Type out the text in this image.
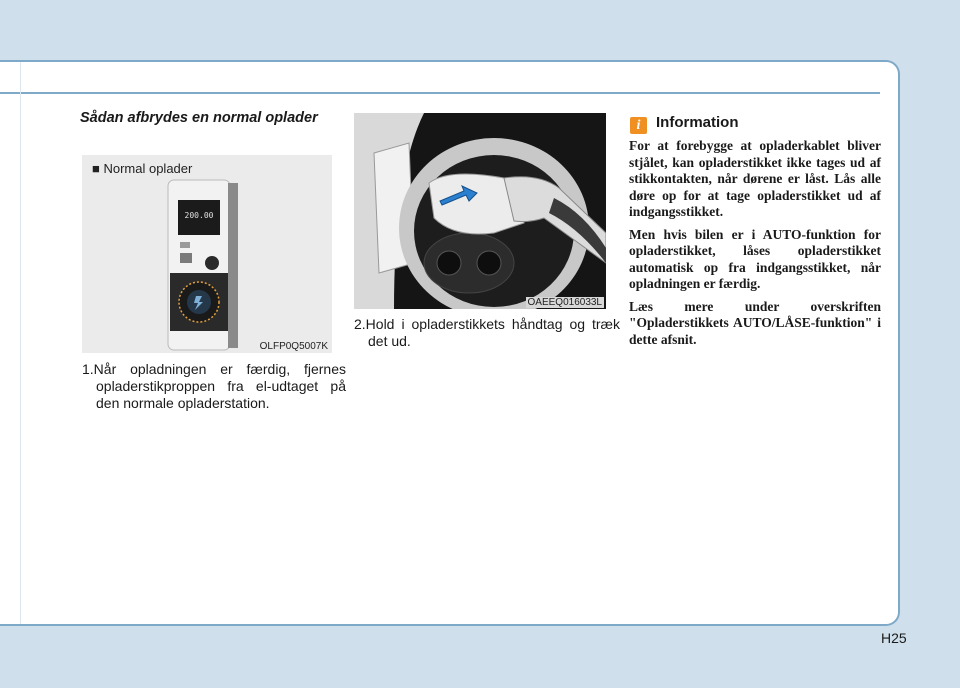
Sådan afbrydes en normal oplader
■ Normal oplader
200.00
OLFP0Q5007K
1.Når opladningen er færdig, fjernes opladerstikproppen fra el-udtaget på den normale opladerstation.
OAEEQ016033L
2.Hold i opladerstikkets håndtag og træk det ud.
i Information

For at forebygge at opladerkablet bliver stjålet, kan opladerstikket ikke tages ud af stikkontakten, når dørene er låst. Lås alle døre op for at tage opladerstikket ud af indgangsstikket.

Men hvis bilen er i AUTO-funktion for opladerstikket, låses opladerstikket automatisk op fra indgangsstikket, når opladningen er færdig.

Læs mere under overskriften "Opladerstikkets AUTO/LÅSE-funktion" i dette afsnit.

H25
